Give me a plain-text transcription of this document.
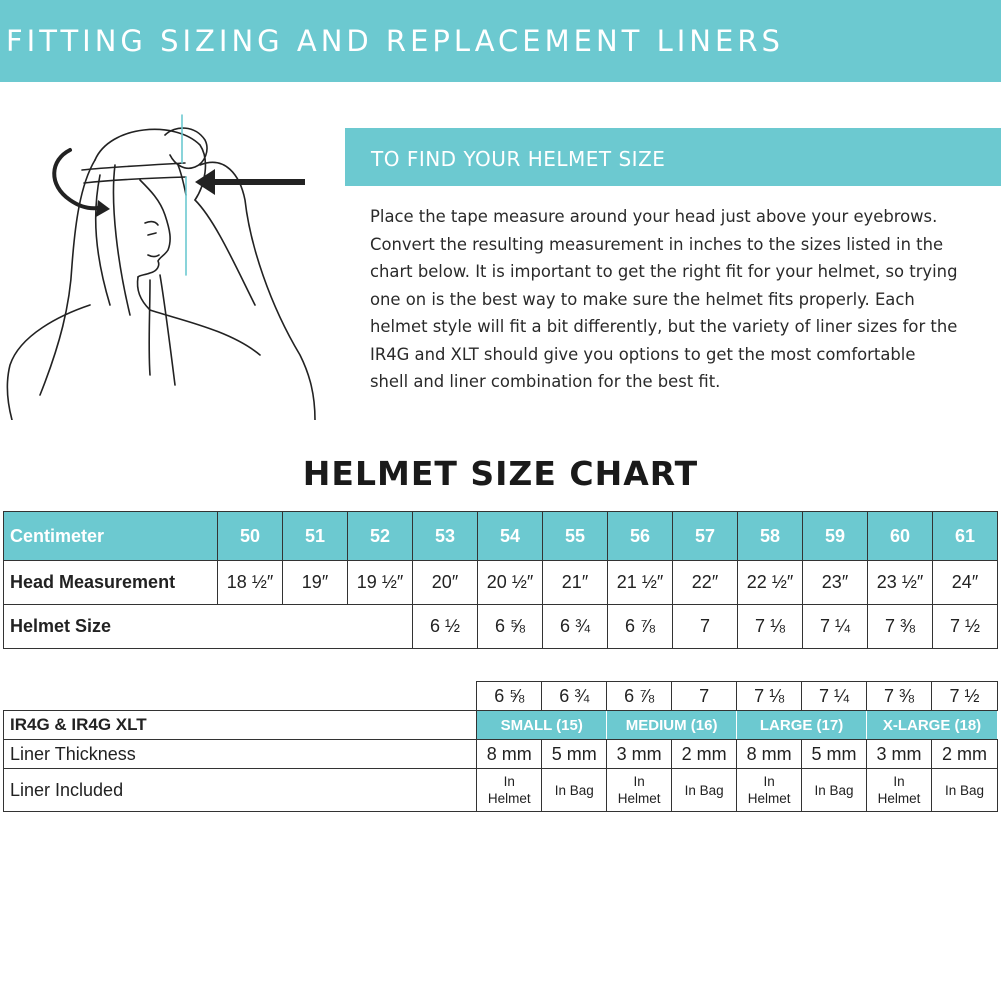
FITTING SIZING AND REPLACEMENT LINERS
TO FIND YOUR HELMET SIZE
Place the tape measure around your head just above your eyebrows.
Convert the resulting measurement in inches to the sizes listed in the
chart below. It is important to get the right fit for your helmet, so trying
one on is the best way to make sure the helmet fits properly. Each
helmet style will fit a bit differently, but the variety of liner sizes for the
IR4G and XLT should give you options to get the most comfortable
shell and liner combination for the best fit.
HELMET SIZE CHART
Centimeter	50	51	52	53	54	55	56	57	58	59	60	61
Head Measurement	18 ½″	19″	19 ½″	20″	20 ½″	21″	21 ½″	22″	22 ½″	23″	23 ½″	24″
Helmet Size				6 ½	6 ⅝	6 ¾	6 ⅞	7	7 ⅛	7 ¼	7 ⅜	7 ½
	6 ⅝	6 ¾	6 ⅞	7	7 ⅛	7 ¼	7 ⅜	7 ½
IR4G & IR4G XLT	SMALL (15)		MEDIUM (16)		LARGE (17)		X-LARGE (18)	
Liner Thickness	8 mm	5 mm	3 mm	2 mm	8 mm	5 mm	3 mm	2 mm
Liner Included	In Helmet	In Bag	In Helmet	In Bag	In Helmet	In Bag	In Helmet	In Bag
